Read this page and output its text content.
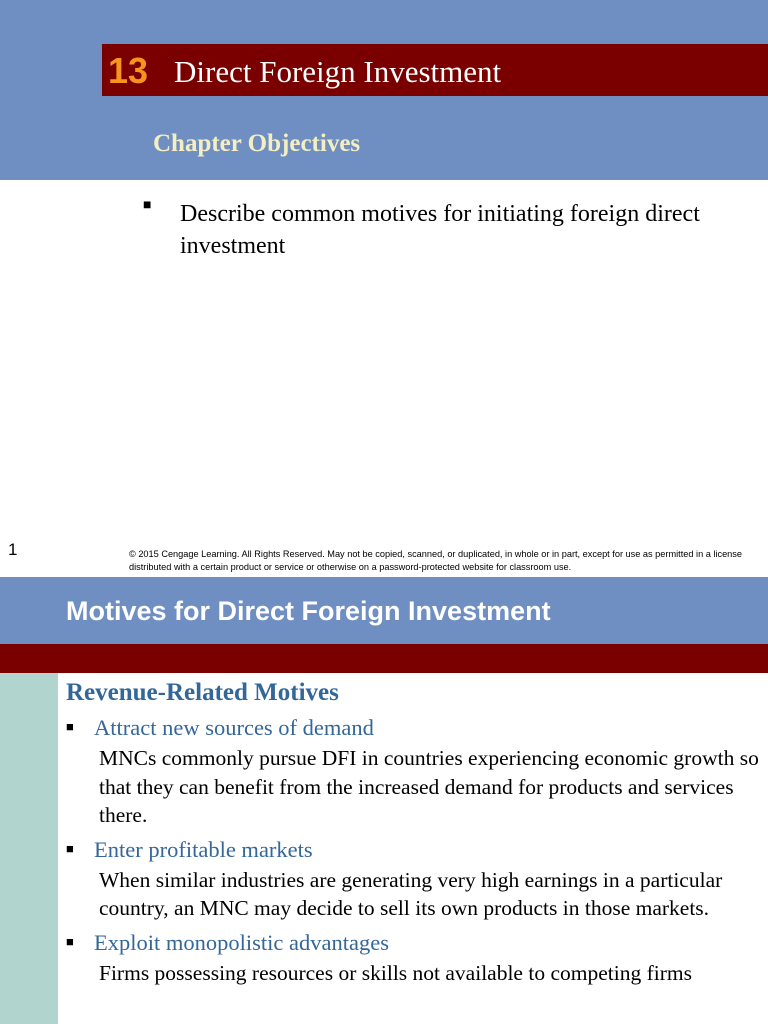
13 Direct Foreign Investment
Chapter Objectives
■ Describe common motives for initiating foreign direct investment
1	© 2015 Cengage Learning. All Rights Reserved. May not be copied, scanned, or duplicated, in whole or in part, except for use as permitted in a license distributed with a certain product or service or otherwise on a password-protected website for classroom use.
Motives for Direct Foreign Investment
Revenue-Related Motives
■ Attract new sources of demand
MNCs commonly pursue DFI in countries experiencing economic growth so that they can benefit from the increased demand for products and services there.
■ Enter profitable markets
When similar industries are generating very high earnings in a particular country, an MNC may decide to sell its own products in those markets.
■ Exploit monopolistic advantages
Firms possessing resources or skills not available to competing firms
